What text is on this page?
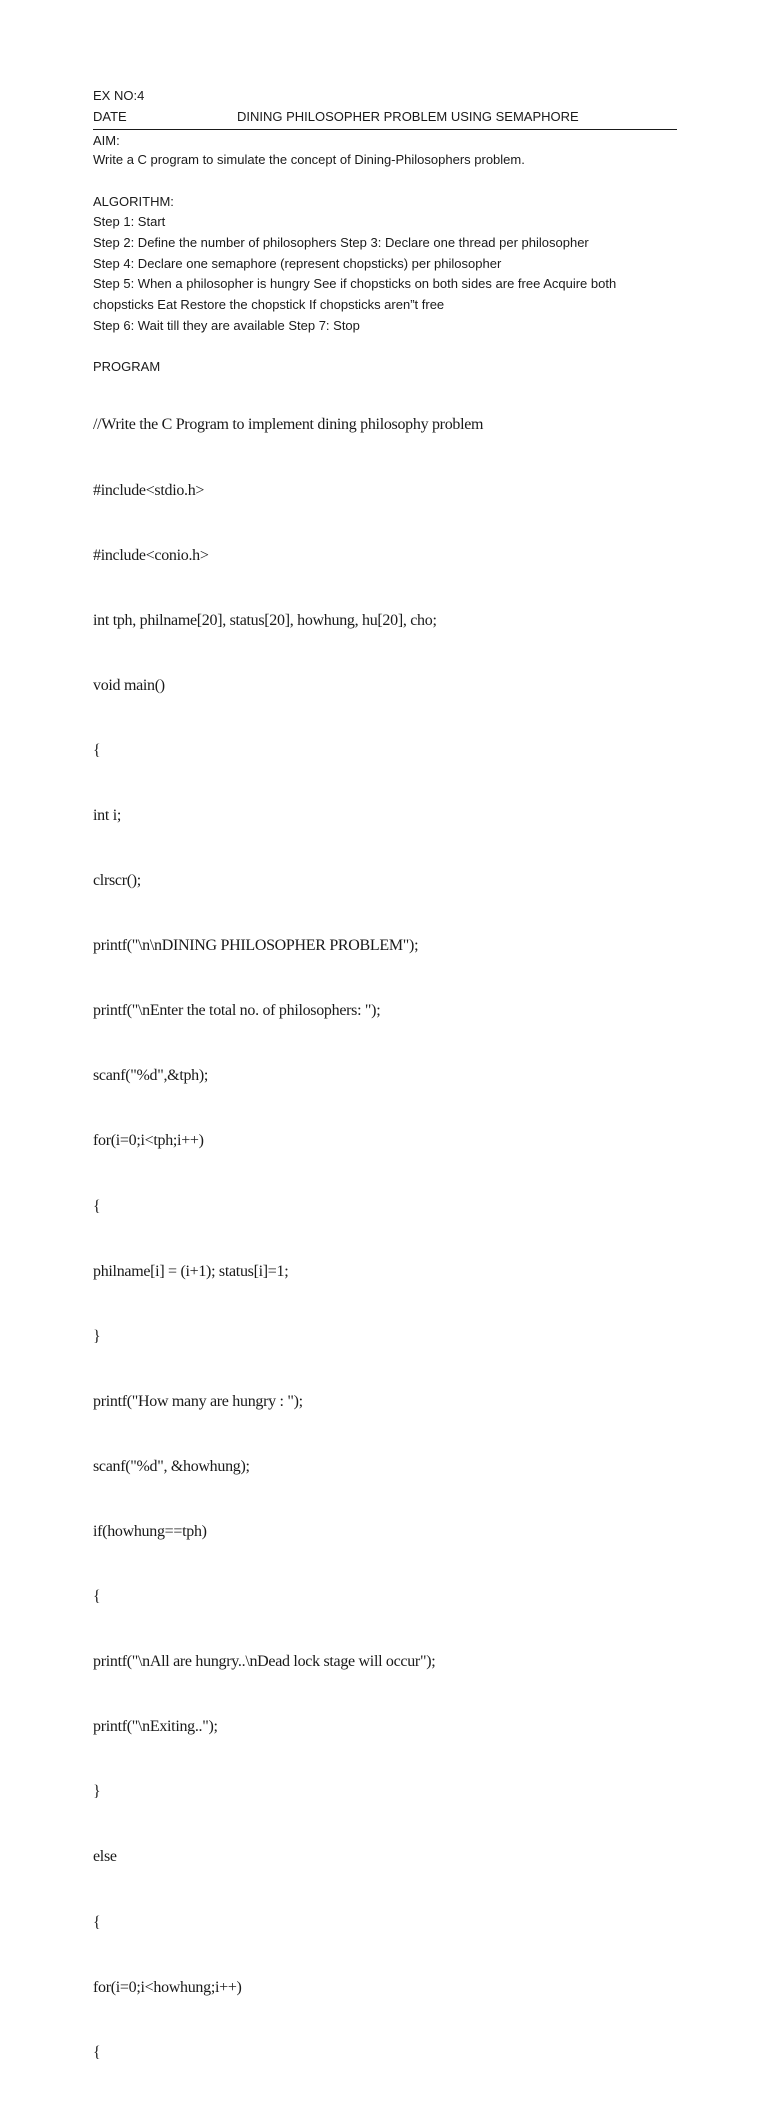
EX NO:4
DATE	DINING PHILOSOPHER PROBLEM USING SEMAPHORE
AIM:
Write a C program to simulate the concept of Dining-Philosophers problem.
ALGORITHM:
Step 1: Start
Step 2: Define the number of philosophers Step 3: Declare one thread per philosopher
Step 4: Declare one semaphore (represent chopsticks) per philosopher
Step 5: When a philosopher is hungry See if chopsticks on both sides are free Acquire both
chopsticks Eat Restore the chopstick If chopsticks aren”t free
Step 6: Wait till they are available Step 7: Stop
PROGRAM

//Write the C Program to implement dining philosophy problem

#include<stdio.h>

#include<conio.h>

int tph, philname[20], status[20], howhung, hu[20], cho;

void main()

{

int i;

clrscr();

printf("\n\nDINING PHILOSOPHER PROBLEM");

printf("\nEnter the total no. of philosophers: ");

scanf("%d",&tph);

for(i=0;i<tph;i++)

{

philname[i] = (i+1); status[i]=1;

}

printf("How many are hungry : ");

scanf("%d", &howhung);

if(howhung==tph)

{

printf("\nAll are hungry..\nDead lock stage will occur");

printf("\nExiting..");

}

else

{

for(i=0;i<howhung;i++)

{
